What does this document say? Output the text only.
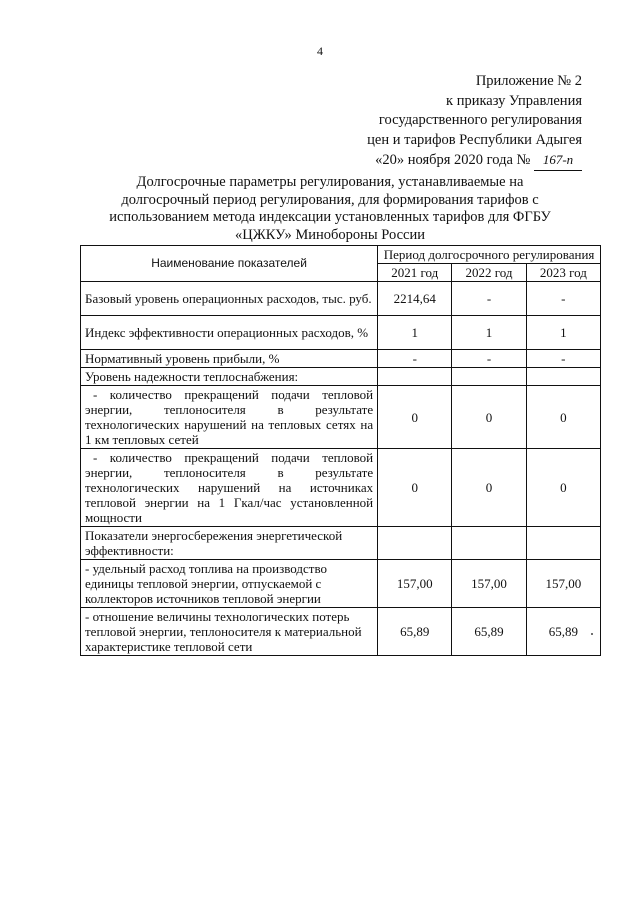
4
Приложение № 2
к приказу Управления
государственного регулирования
цен и тарифов Республики Адыгея
«20» ноября 2020 года № 167-п
Долгосрочные параметры регулирования, устанавливаемые на долгосрочный период регулирования, для формирования тарифов с использованием метода индексации установленных тарифов для ФГБУ «ЦЖКУ» Минобороны России
Наименование показателей	Период долгосрочного регулирования		
	2021 год	2022 год	2023 год
Базовый уровень операционных расходов, тыс. руб.	2214,64	-	-
Индекс эффективности операционных расходов, %	1	1	1
Нормативный уровень прибыли, %	-	-	-
Уровень надежности теплоснабжения:			
- количество прекращений подачи тепловой энергии, теплоносителя в результате технологических нарушений на тепловых сетях на 1 км тепловых сетей	0	0	0
- количество прекращений подачи тепловой энергии, теплоносителя в результате технологических нарушений на источниках тепловой энергии на 1 Гкал/час установленной мощности	0	0	0
Показатели энергосбережения энергетической эффективности:			
- удельный расход топлива на производство единицы тепловой энергии, отпускаемой с коллекторов источников тепловой энергии	157,00	157,00	157,00
- отношение величины технологических потерь тепловой энергии, теплоносителя к материальной характеристике тепловой сети	65,89	65,89	65,89
